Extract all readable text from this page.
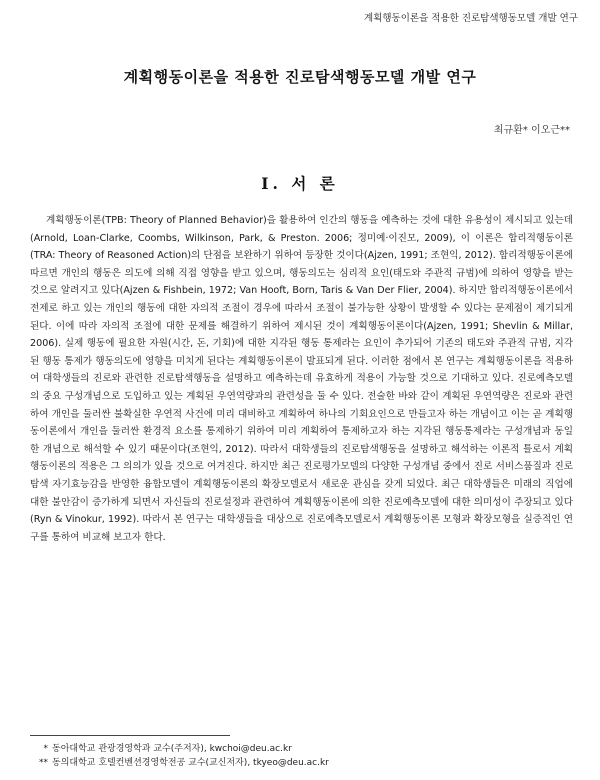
계획행동이론을 적용한 진로탐색행동모델 개발 연구
계획행동이론을 적용한 진로탐색행동모델 개발 연구
최규환* 이오근**
Ⅰ. 서 론

계획행동이론(TPB: Theory of Planned Behavior)을 활용하여 인간의 행동을 예측하는 것에 대한 유용성이 제시되고 있는데(Arnold, Loan-Clarke, Coombs, Wilkinson, Park, & Preston. 2006; 정미예·이진모, 2009), 이 이론은 합리적행동이론(TRA: Theory of Reasoned Action)의 단점을 보완하기 위하여 등장한 것이다(Ajzen, 1991; 조현익, 2012). 합리적행동이론에 따르면 개인의 행동은 의도에 의해 직접 영향을 받고 있으며, 행동의도는 심리적 요인(태도와 주관적 규범)에 의하여 영향을 받는 것으로 알려지고 있다(Ajzen & Fishbein, 1972; Van Hooft, Born, Taris & Van Der Flier, 2004). 하지만 합리적행동이론에서 전제로 하고 있는 개인의 행동에 대한 자의적 조절이 경우에 따라서 조절이 불가능한 상황이 발생할 수 있다는 문제점이 제기되게 된다. 이에 따라 자의적 조절에 대한 문제를 해결하기 위하여 제시된 것이 계획행동이론이다(Ajzen, 1991; Shevlin & Millar, 2006). 실제 행동에 필요한 자원(시간, 돈, 기회)에 대한 지각된 행동 통제라는 요인이 추가되어 기존의 태도와 주관적 규범, 지각된 행동 통제가 행동의도에 영향을 미치게 된다는 계획행동이론이 발표되게 된다. 이러한 점에서 본 연구는 계획행동이론을 적용하여 대학생들의 진로와 관련한 진로탐색행동을 설명하고 예측하는데 유효하게 적용이 가능할 것으로 기대하고 있다. 진로예측모델의 중요 구성개념으로 도입하고 있는 계획된 우연역량과의 관련성을 둘 수 있다. 전술한 바와 같이 계획된 우연역량은 진로와 관련하여 개인을 둘러싼 불확실한 우연적 사건에 미리 대비하고 계획하여 하나의 기회요인으로 만들고자 하는 개념이고 이는 곧 계획행동이론에서 개인을 둘러싼 환경적 요소를 통제하기 위하여 미리 계획하여 통제하고자 하는 지각된 행동통제라는 구성개념과 동일한 개념으로 해석할 수 있기 때문이다(조현익, 2012). 따라서 대학생들의 진로탐색행동을 설명하고 해석하는 이론적 틀로서 계획행동이론의 적용은 그 의의가 있을 것으로 여겨진다. 하지만 최근 진로평가모델의 다양한 구성개념 중에서 진로 서비스품질과 진로탐색 자기효능감을 반영한 융합모델이 계획행동이론의 확장모델로서 새로운 관심을 갖게 되었다. 최근 대학생들은 미래의 직업에 대한 불안감이 증가하게 되면서 자신들의 진로설정과 관련하여 계획행동이론에 의한 진로예측모델에 대한 의미성이 주장되고 있다(Ryn & Vinokur, 1992). 따라서 본 연구는 대학생들을 대상으로 진로예측모델로서 계획행동이론 모형과 확장모형을 실증적인 연구를 통하여 비교해 보고자 한다.

* 동아대학교 관광경영학과 교수(주저자), kwchoi@deu.ac.kr
** 동의대학교 호텔컨벤션경영학전공 교수(교신저자), tkyeo@deu.ac.kr
